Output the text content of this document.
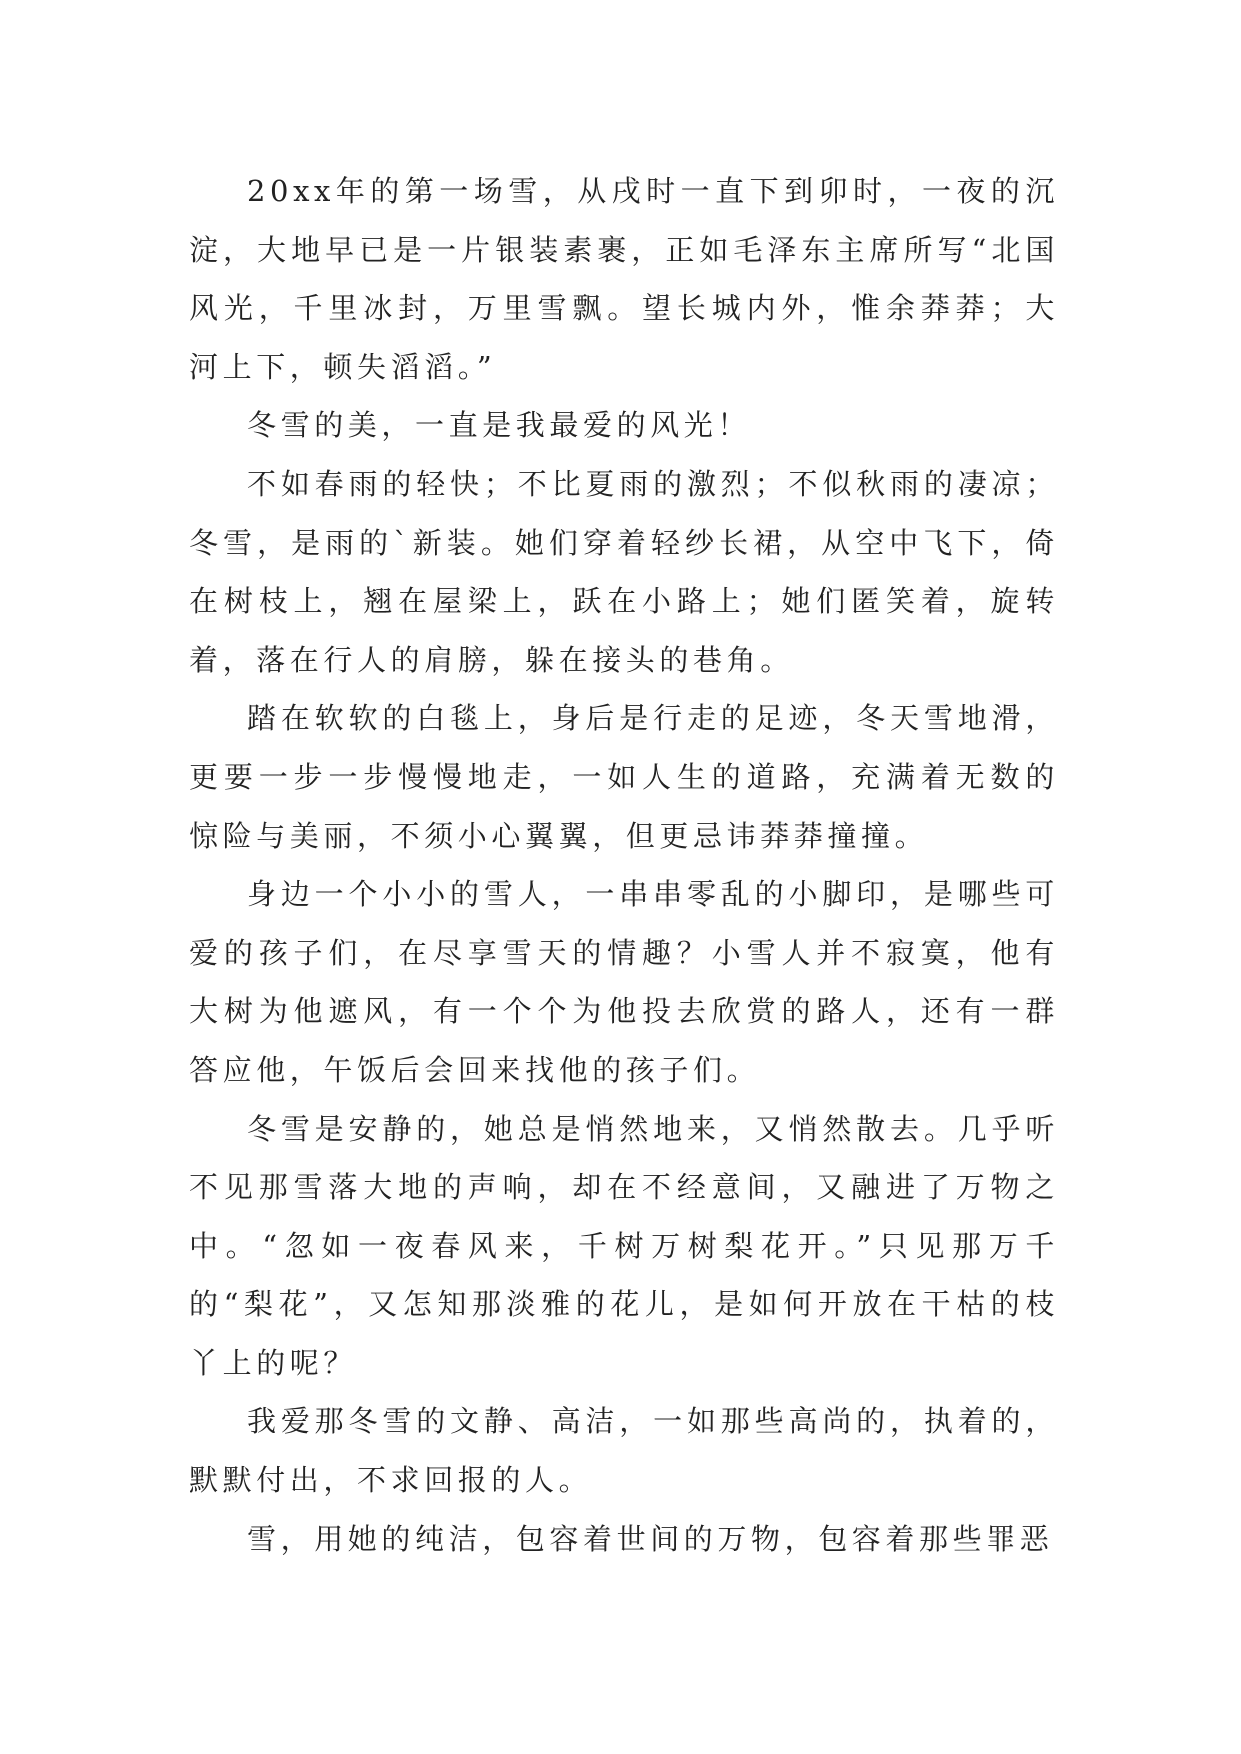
20xx年的第一场雪，从戌时一直下到卯时，一夜的沉淀，大地早已是一片银装素裹，正如毛泽东主席所写“北国风光，千里冰封，万里雪飘。望长城内外，惟余莽莽；大河上下，顿失滔滔。”

冬雪的美，一直是我最爱的风光！

不如春雨的轻快；不比夏雨的激烈；不似秋雨的凄凉；冬雪，是雨的`新装。她们穿着轻纱长裙，从空中飞下，倚在树枝上，翘在屋梁上，跃在小路上；她们匿笑着，旋转着，落在行人的肩膀，躲在接头的巷角。

踏在软软的白毯上，身后是行走的足迹，冬天雪地滑，更要一步一步慢慢地走，一如人生的道路，充满着无数的惊险与美丽，不须小心翼翼，但更忌讳莽莽撞撞。

身边一个小小的雪人，一串串零乱的小脚印，是哪些可爱的孩子们，在尽享雪天的情趣？小雪人并不寂寞，他有大树为他遮风，有一个个为他投去欣赏的路人，还有一群答应他，午饭后会回来找他的孩子们。

冬雪是安静的，她总是悄然地来，又悄然散去。几乎听不见那雪落大地的声响，却在不经意间，又融进了万物之中。“忽如一夜春风来，千树万树梨花开。”只见那万千的“梨花”，又怎知那淡雅的花儿，是如何开放在干枯的枝丫上的呢？

我爱那冬雪的文静、高洁，一如那些高尚的，执着的，默默付出，不求回报的人。

雪，用她的纯洁，包容着世间的万物，包容着那些罪恶
